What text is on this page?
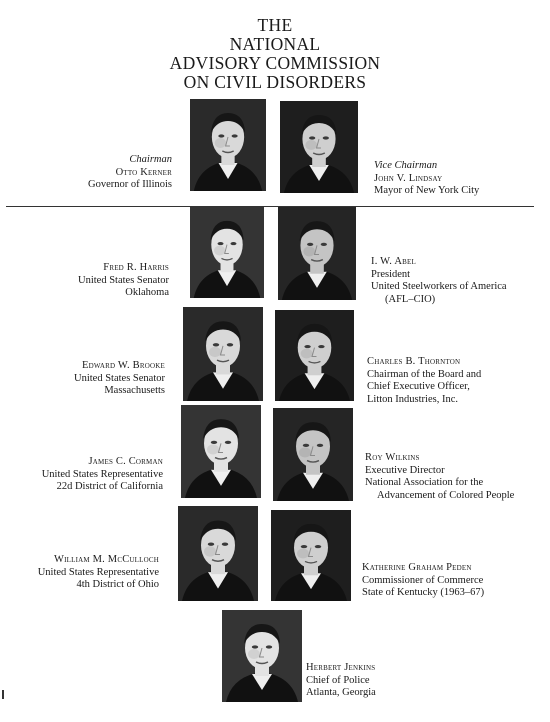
THE
NATIONAL
ADVISORY COMMISSION
ON CIVIL DISORDERS
Chairman
Otto Kerner
Governor of Illinois
Vice Chairman
John V. Lindsay
Mayor of New York City
Fred R. Harris
United States Senator
Oklahoma
I. W. Abel
President
United Steelworkers of America
(AFL–CIO)
Edward W. Brooke
United States Senator
Massachusetts
Charles B. Thornton
Chairman of the Board and
Chief Executive Officer,
Litton Industries, Inc.
James C. Corman
United States Representative
22d District of California
Roy Wilkins
Executive Director
National Association for the
Advancement of Colored People
William M. McCulloch
United States Representative
4th District of Ohio
Katherine Graham Peden
Commissioner of Commerce
State of Kentucky (1963–67)
Herbert Jenkins
Chief of Police
Atlanta, Georgia
